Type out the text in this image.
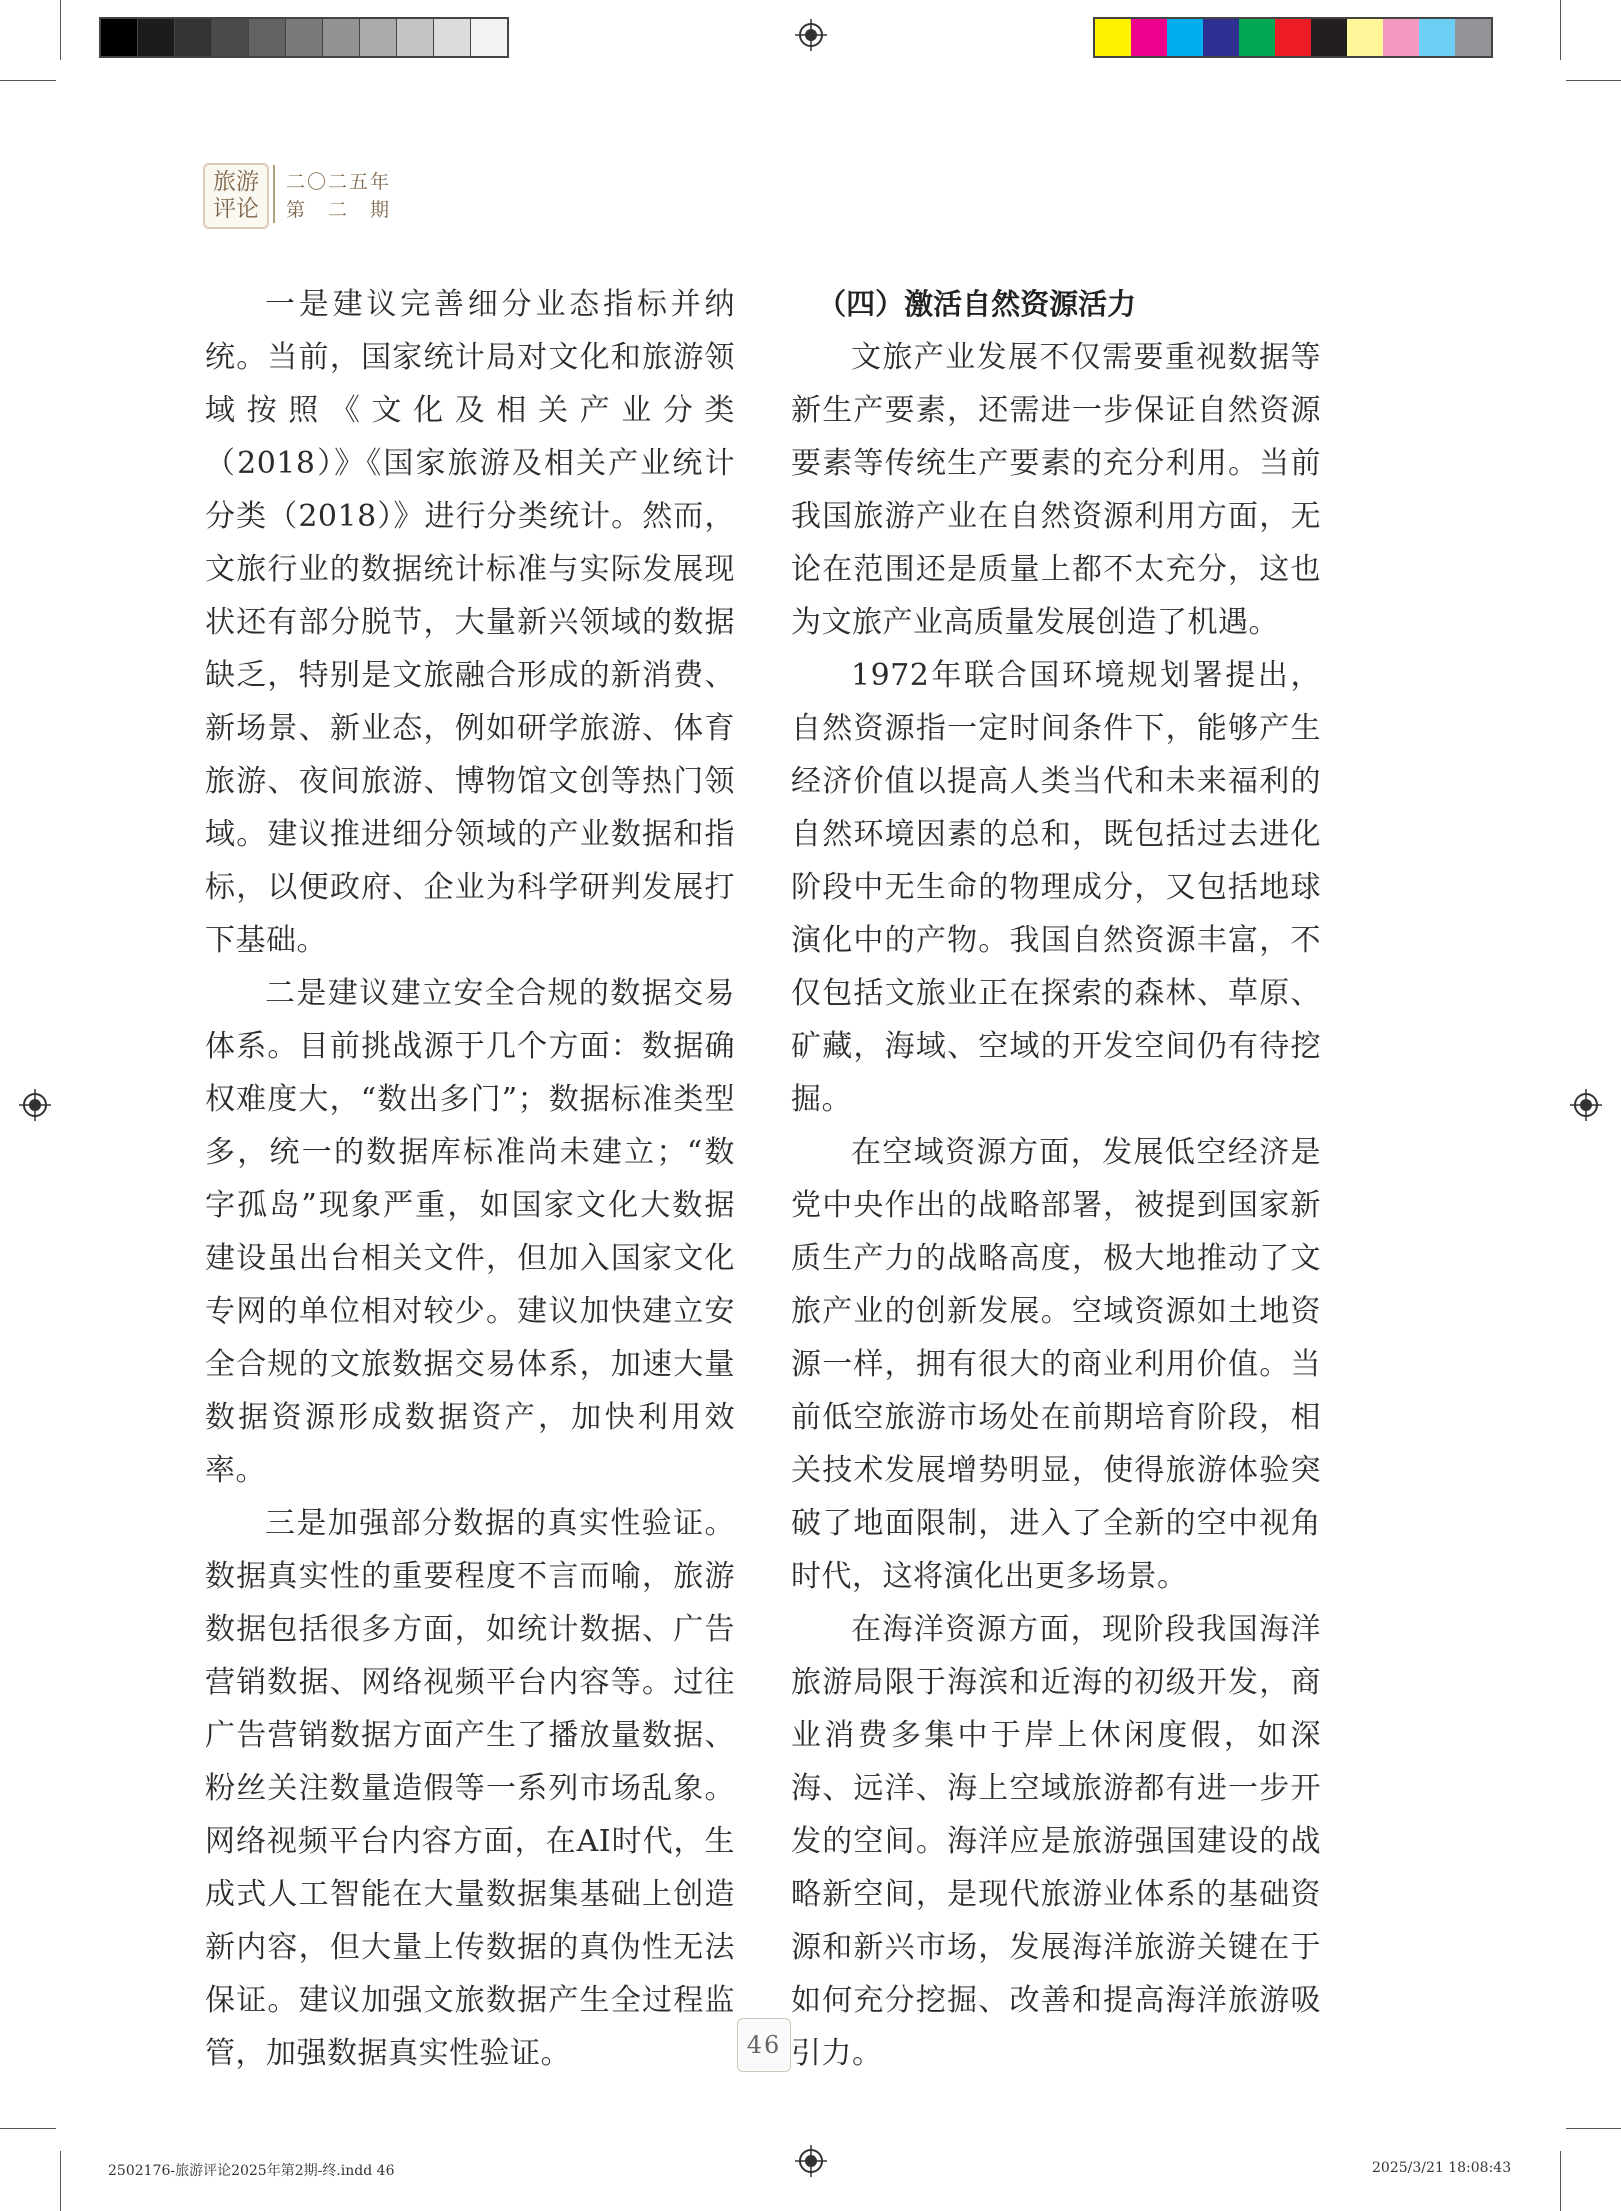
旅游
评论
二〇二五年
第　二　期

一是建议完善细分业态指标并纳统。当前，国家统计局对文化和旅游领域按照《文化及相关产业分类（2018）》《国家旅游及相关产业统计分类（2018）》进行分类统计。然而，文旅行业的数据统计标准与实际发展现状还有部分脱节，大量新兴领域的数据缺乏，特别是文旅融合形成的新消费、新场景、新业态，例如研学旅游、体育旅游、夜间旅游、博物馆文创等热门领域。建议推进细分领域的产业数据和指标，以便政府、企业为科学研判发展打下基础。

二是建议建立安全合规的数据交易体系。目前挑战源于几个方面：数据确权难度大，“数出多门”；数据标准类型多，统一的数据库标准尚未建立；“数字孤岛”现象严重，如国家文化大数据建设虽出台相关文件，但加入国家文化专网的单位相对较少。建议加快建立安全合规的文旅数据交易体系，加速大量数据资源形成数据资产，加快利用效率。

三是加强部分数据的真实性验证。数据真实性的重要程度不言而喻，旅游数据包括很多方面，如统计数据、广告营销数据、网络视频平台内容等。过往广告营销数据方面产生了播放量数据、粉丝关注数量造假等一系列市场乱象。网络视频平台内容方面，在AI时代，生成式人工智能在大量数据集基础上创造新内容，但大量上传数据的真伪性无法保证。建议加强文旅数据产生全过程监管，加强数据真实性验证。

（四）激活自然资源活力

文旅产业发展不仅需要重视数据等新生产要素，还需进一步保证自然资源要素等传统生产要素的充分利用。当前我国旅游产业在自然资源利用方面，无论在范围还是质量上都不太充分，这也为文旅产业高质量发展创造了机遇。

1972年联合国环境规划署提出，自然资源指一定时间条件下，能够产生经济价值以提高人类当代和未来福利的自然环境因素的总和，既包括过去进化阶段中无生命的物理成分，又包括地球演化中的产物。我国自然资源丰富，不仅包括文旅业正在探索的森林、草原、矿藏，海域、空域的开发空间仍有待挖掘。

在空域资源方面，发展低空经济是党中央作出的战略部署，被提到国家新质生产力的战略高度，极大地推动了文旅产业的创新发展。空域资源如土地资源一样，拥有很大的商业利用价值。当前低空旅游市场处在前期培育阶段，相关技术发展增势明显，使得旅游体验突破了地面限制，进入了全新的空中视角时代，这将演化出更多场景。

在海洋资源方面，现阶段我国海洋旅游局限于海滨和近海的初级开发，商业消费多集中于岸上休闲度假，如深海、远洋、海上空域旅游都有进一步开发的空间。海洋应是旅游强国建设的战略新空间，是现代旅游业体系的基础资源和新兴市场，发展海洋旅游关键在于如何充分挖掘、改善和提高海洋旅游吸引力。

46
2502176-旅游评论2025年第2期-终.indd 46	2025/3/21 18:08:43
